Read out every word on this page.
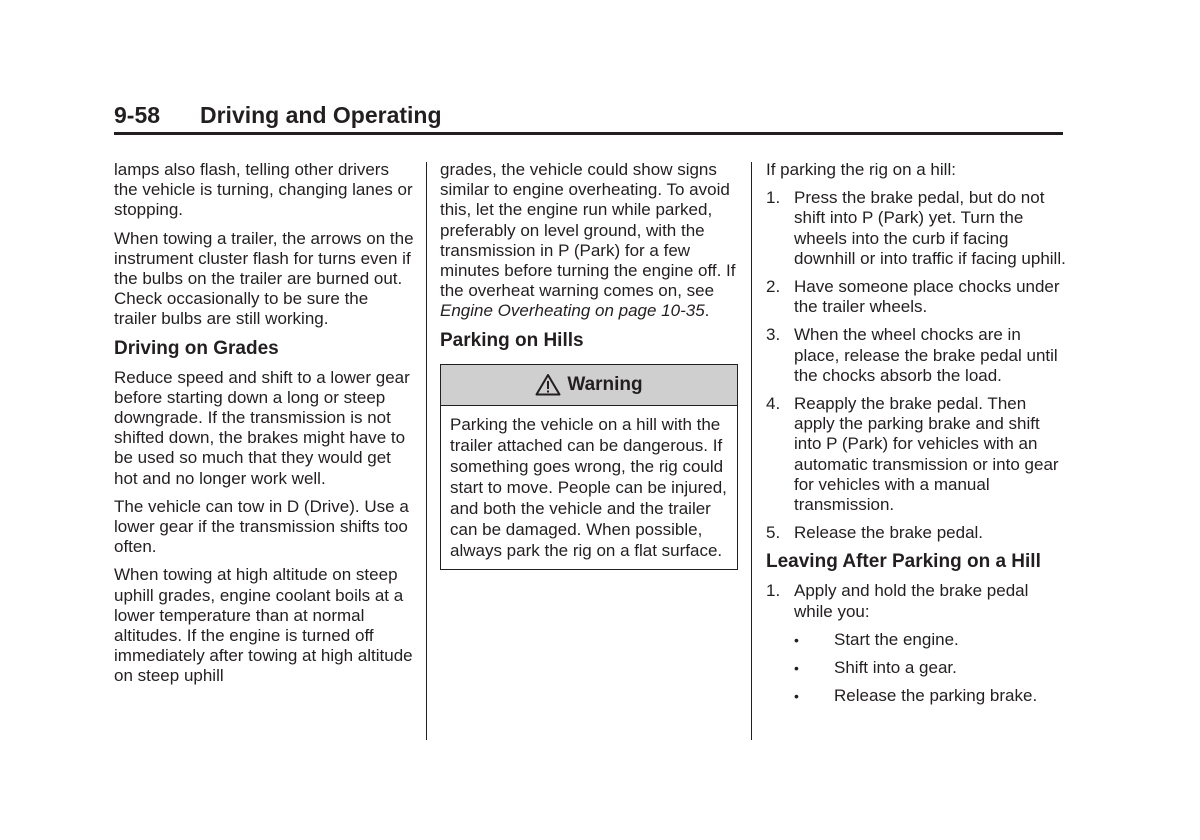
9-58 Driving and Operating

lamps also flash, telling other drivers the vehicle is turning, changing lanes or stopping.

When towing a trailer, the arrows on the instrument cluster flash for turns even if the bulbs on the trailer are burned out. Check occasionally to be sure the trailer bulbs are still working.

Driving on Grades

Reduce speed and shift to a lower gear before starting down a long or steep downgrade. If the transmission is not shifted down, the brakes might have to be used so much that they would get hot and no longer work well.

The vehicle can tow in D (Drive). Use a lower gear if the transmission shifts too often.

When towing at high altitude on steep uphill grades, engine coolant boils at a lower temperature than at normal altitudes. If the engine is turned off immediately after towing at high altitude on steep uphill

grades, the vehicle could show signs similar to engine overheating. To avoid this, let the engine run while parked, preferably on level ground, with the transmission in P (Park) for a few minutes before turning the engine off. If the overheat warning comes on, see Engine Overheating on page 10-35.

Parking on Hills
Warning
Parking the vehicle on a hill with the trailer attached can be dangerous. If something goes wrong, the rig could start to move. People can be injured, and both the vehicle and the trailer can be damaged. When possible, always park the rig on a flat surface.

If parking the rig on a hill:

1. Press the brake pedal, but do not shift into P (Park) yet. Turn the wheels into the curb if facing downhill or into traffic if facing uphill.
2. Have someone place chocks under the trailer wheels.
3. When the wheel chocks are in place, release the brake pedal until the chocks absorb the load.
4. Reapply the brake pedal. Then apply the parking brake and shift into P (Park) for vehicles with an automatic transmission or into gear for vehicles with a manual transmission.
5. Release the brake pedal.
Leaving After Parking on a Hill
1. Apply and hold the brake pedal while you:
•	Start the engine.
•	Shift into a gear.
•	Release the parking brake.
